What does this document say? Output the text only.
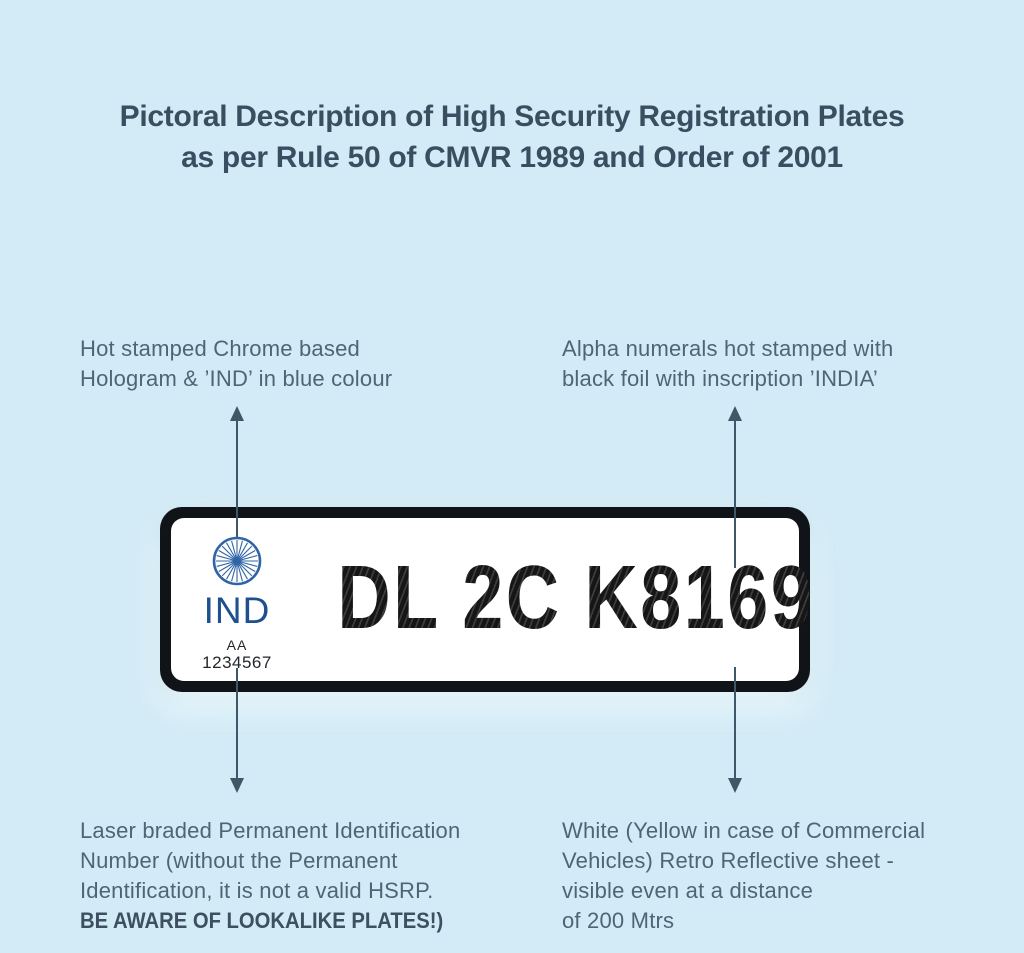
Pictoral Description of High Security Registration Plates
as per Rule 50 of CMVR 1989 and Order of 2001
Hot stamped Chrome based
Hologram & ’IND’ in blue colour
Alpha numerals hot stamped with
black foil with inscription ’INDIA’
Laser braded Permanent Identification
Number (without the Permanent
Identification, it is not a valid HSRP.
BE AWARE OF LOOKALIKE PLATES!)
White (Yellow in case of Commercial
Vehicles) Retro Reflective sheet -
visible even at a distance
of 200 Mtrs
IND
AA
1234567
DL 2C K8169
